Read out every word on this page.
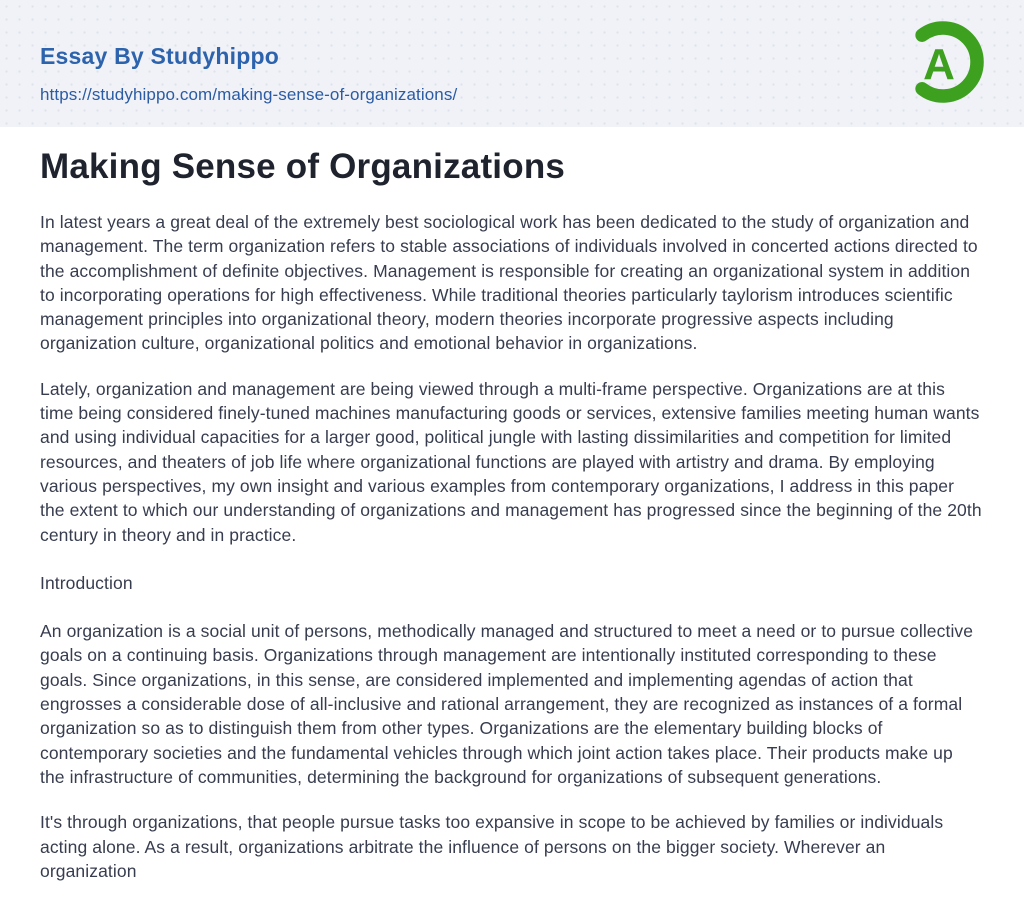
Essay By Studyhippo
https://studyhippo.com/making-sense-of-organizations/
A
Making Sense of Organizations

In latest years a great deal of the extremely best sociological work has been dedicated to the study of organization and management. The term organization refers to stable associations of individuals involved in concerted actions directed to the accomplishment of definite objectives. Management is responsible for creating an organizational system in addition to incorporating operations for high effectiveness. While traditional theories particularly taylorism introduces scientific management principles into organizational theory, modern theories incorporate progressive aspects including organization culture, organizational politics and emotional behavior in organizations.

Lately, organization and management are being viewed through a multi-frame perspective. Organizations are at this time being considered finely-tuned machines manufacturing goods or services, extensive families meeting human wants and using individual capacities for a larger good, political jungle with lasting dissimilarities and competition for limited resources, and theaters of job life where organizational functions are played with artistry and drama. By employing various perspectives, my own insight and various examples from contemporary organizations, I address in this paper the extent to which our understanding of organizations and management has progressed since the beginning of the 20th century in theory and in practice.

Introduction

An organization is a social unit of persons, methodically managed and structured to meet a need or to pursue collective goals on a continuing basis. Organizations through management are intentionally instituted corresponding to these goals. Since organizations, in this sense, are considered implemented and implementing agendas of action that engrosses a considerable dose of all-inclusive and rational arrangement, they are recognized as instances of a formal organization so as to distinguish them from other types. Organizations are the elementary building blocks of contemporary societies and the fundamental vehicles through which joint action takes place. Their products make up the infrastructure of communities, determining the background for organizations of subsequent generations.

It's through organizations, that people pursue tasks too expansive in scope to be achieved by families or individuals acting alone. As a result, organizations arbitrate the influence of persons on the bigger society. Wherever an organization
